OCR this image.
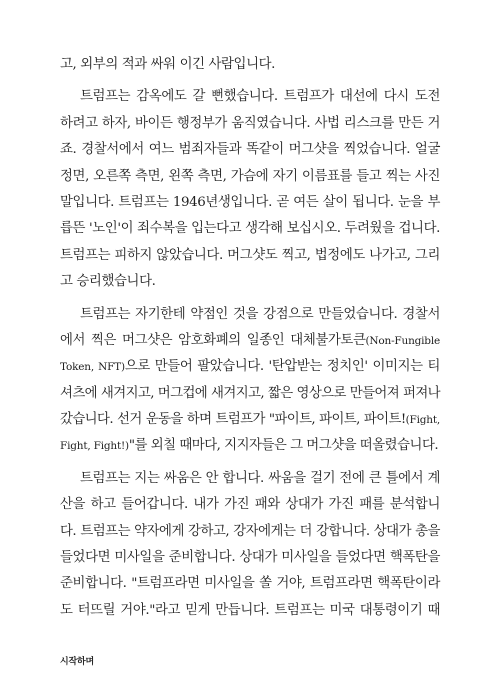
고, 외부의 적과 싸워 이긴 사람입니다.
트럼프는 감옥에도 갈 뻔했습니다. 트럼프가 대선에 다시 도전
하려고 하자, 바이든 행정부가 움직였습니다. 사법 리스크를 만든 거
죠. 경찰서에서 여느 범죄자들과 똑같이 머그샷을 찍었습니다. 얼굴
정면, 오른쪽 측면, 왼쪽 측면, 가슴에 자기 이름표를 들고 찍는 사진
말입니다. 트럼프는 1946년생입니다. 곧 여든 살이 됩니다. 눈을 부
릅뜬 '노인'이 죄수복을 입는다고 생각해 보십시오. 두려웠을 겁니다.
트럼프는 피하지 않았습니다. 머그샷도 찍고, 법정에도 나가고, 그리
고 승리했습니다.
트럼프는 자기한테 약점인 것을 강점으로 만들었습니다. 경찰서
에서 찍은 머그샷은 암호화폐의 일종인 대체불가토큰(Non-Fungible
Token, NFT)으로 만들어 팔았습니다. '탄압받는 정치인' 이미지는 티
셔츠에 새겨지고, 머그컵에 새겨지고, 짧은 영상으로 만들어져 퍼져나
갔습니다. 선거 운동을 하며 트럼프가 "파이트, 파이트, 파이트!(Fight,
Fight, Fight!)"를 외칠 때마다, 지지자들은 그 머그샷을 떠올렸습니다.
트럼프는 지는 싸움은 안 합니다. 싸움을 걸기 전에 큰 틀에서 계
산을 하고 들어갑니다. 내가 가진 패와 상대가 가진 패를 분석합니
다. 트럼프는 약자에게 강하고, 강자에게는 더 강합니다. 상대가 총을
들었다면 미사일을 준비합니다. 상대가 미사일을 들었다면 핵폭탄을
준비합니다. "트럼프라면 미사일을 쏠 거야, 트럼프라면 핵폭탄이라
도 터뜨릴 거야."라고 믿게 만듭니다. 트럼프는 미국 대통령이기 때
시작하며
